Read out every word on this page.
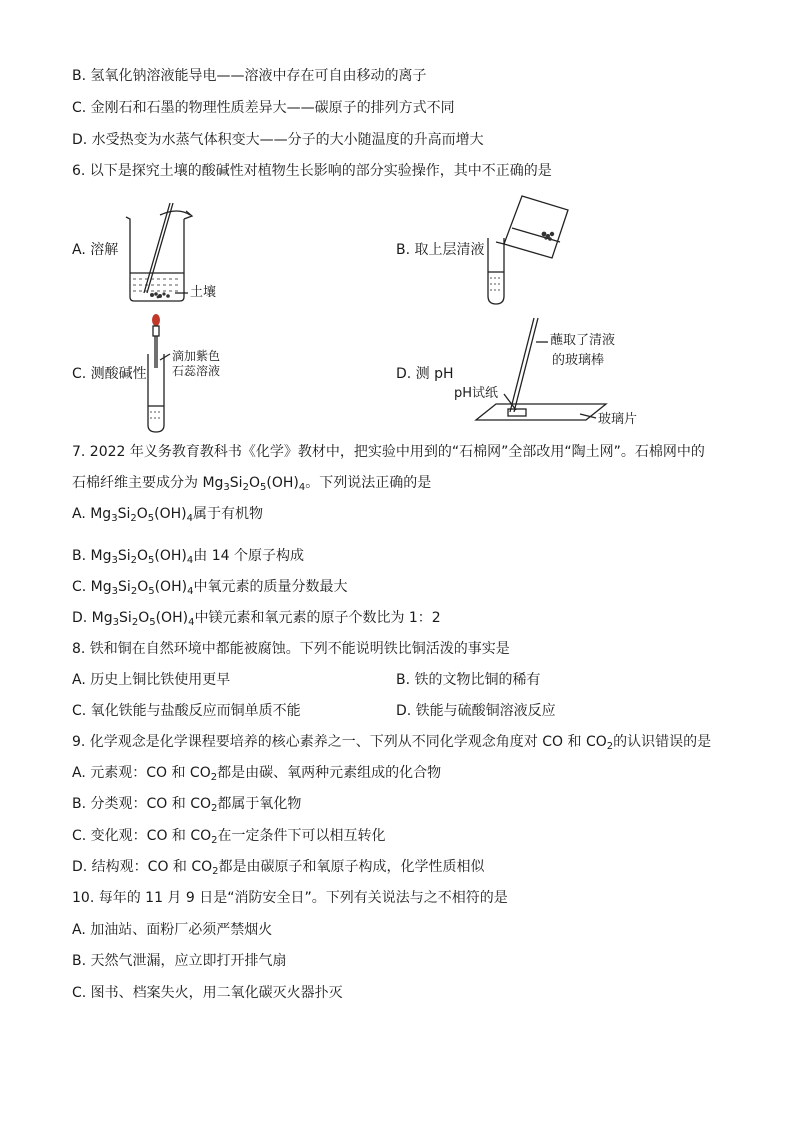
B. 氢氧化钠溶液能导电——溶液中存在可自由移动的离子
C. 金刚石和石墨的物理性质差异大——碳原子的排列方式不同
D. 水受热变为水蒸气体积变大——分子的大小随温度的升高而增大
6. 以下是探究土壤的酸碱性对植物生长影响的部分实验操作，其中不正确的是
A. 溶解	B. 取上层清液
C. 测酸碱性	D. 测 pH
土壤
滴加紫色
石蕊溶液
蘸取了清液
的玻璃棒
pH试纸
玻璃片
7. 2022 年义务教育教科书《化学》教材中，把实验中用到的“石棉网”全部改用“陶土网”。石棉网中的
石棉纤维主要成分为 $Mg_3Si_2O_5(OH)_4$。下列说法正确的是
A. $Mg_3Si_2O_5(OH)_4$属于有机物
B. $Mg_3Si_2O_5(OH)_4$由 14 个原子构成
C. $Mg_3Si_2O_5(OH)_4$中氧元素的质量分数最大
D. $Mg_3Si_2O_5(OH)_4$中镁元素和氧元素的原子个数比为 1：2
8. 铁和铜在自然环境中都能被腐蚀。下列不能说明铁比铜活泼的事实是
A. 历史上铜比铁使用更早	B. 铁的文物比铜的稀有
C. 氧化铁能与盐酸反应而铜单质不能	D. 铁能与硫酸铜溶液反应
9. 化学观念是化学课程要培养的核心素养之一、下列从不同化学观念角度对 CO 和 $CO_2$的认识错误的是
A. 元素观：CO 和 $CO_2$都是由碳、氧两种元素组成的化合物
B. 分类观：CO 和 $CO_2$都属于氧化物
C. 变化观：CO 和 $CO_2$在一定条件下可以相互转化
D. 结构观：CO 和 $CO_2$都是由碳原子和氧原子构成，化学性质相似
10. 每年的 11 月 9 日是“消防安全日”。下列有关说法与之不相符的是
A. 加油站、面粉厂必须严禁烟火
B. 天然气泄漏，应立即打开排气扇
C. 图书、档案失火，用二氧化碳灭火器扑灭
